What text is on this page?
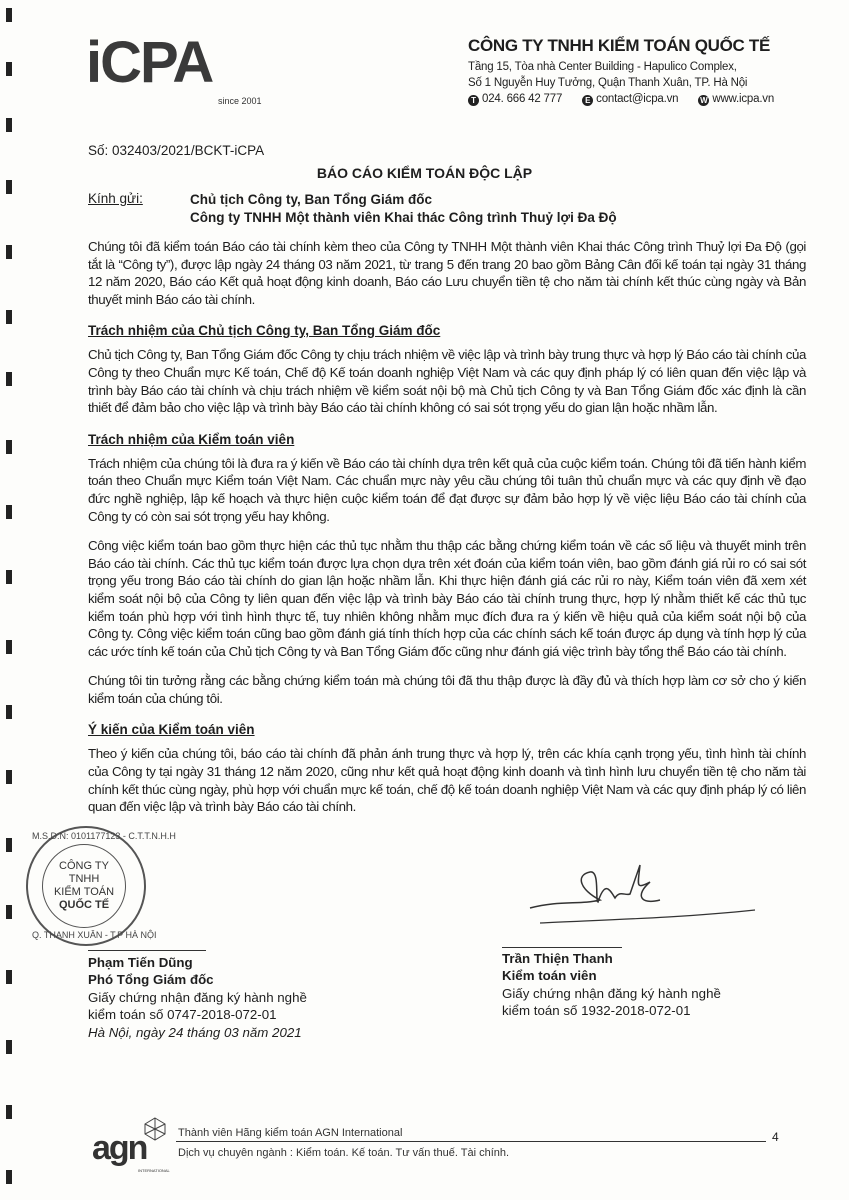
iCPA
since 2001
CÔNG TY TNHH KIỂM TOÁN QUỐC TẾ
Tầng 15, Tòa nhà Center Building - Hapulico Complex,
Số 1 Nguyễn Huy Tưởng, Quận Thanh Xuân, TP. Hà Nội
T 024. 666 42 777	E contact@icpa.vn	W www.icpa.vn
Số: 032403/2021/BCKT-iCPA
BÁO CÁO KIỂM TOÁN ĐỘC LẬP
Kính gửi:	Chủ tịch Công ty, Ban Tổng Giám đốc
Công ty TNHH Một thành viên Khai thác Công trình Thuỷ lợi Đa Độ

Chúng tôi đã kiểm toán Báo cáo tài chính kèm theo của Công ty TNHH Một thành viên Khai thác Công trình Thuỷ lợi Đa Độ (gọi tắt là “Công ty”), được lập ngày 24 tháng 03 năm 2021, từ trang 5 đến trang 20 bao gồm Bảng Cân đối kế toán tại ngày 31 tháng 12 năm 2020, Báo cáo Kết quả hoạt động kinh doanh, Báo cáo Lưu chuyển tiền tệ cho năm tài chính kết thúc cùng ngày và Bản thuyết minh Báo cáo tài chính.

Trách nhiệm của Chủ tịch Công ty, Ban Tổng Giám đốc

Chủ tịch Công ty, Ban Tổng Giám đốc Công ty chịu trách nhiệm về việc lập và trình bày trung thực và hợp lý Báo cáo tài chính của Công ty theo Chuẩn mực Kế toán, Chế độ Kế toán doanh nghiệp Việt Nam và các quy định pháp lý có liên quan đến việc lập và trình bày Báo cáo tài chính và chịu trách nhiệm về kiểm soát nội bộ mà Chủ tịch Công ty và Ban Tổng Giám đốc xác định là cần thiết để đảm bảo cho việc lập và trình bày Báo cáo tài chính không có sai sót trọng yếu do gian lận hoặc nhầm lẫn.

Trách nhiệm của Kiểm toán viên

Trách nhiệm của chúng tôi là đưa ra ý kiến về Báo cáo tài chính dựa trên kết quả của cuộc kiểm toán. Chúng tôi đã tiến hành kiểm toán theo Chuẩn mực Kiểm toán Việt Nam. Các chuẩn mực này yêu cầu chúng tôi tuân thủ chuẩn mực và các quy định về đạo đức nghề nghiệp, lập kế hoạch và thực hiện cuộc kiểm toán để đạt được sự đảm bảo hợp lý về việc liệu Báo cáo tài chính của Công ty có còn sai sót trọng yếu hay không.

Công việc kiểm toán bao gồm thực hiện các thủ tục nhằm thu thập các bằng chứng kiểm toán về các số liệu và thuyết minh trên Báo cáo tài chính. Các thủ tục kiểm toán được lựa chọn dựa trên xét đoán của kiểm toán viên, bao gồm đánh giá rủi ro có sai sót trọng yếu trong Báo cáo tài chính do gian lận hoặc nhầm lẫn. Khi thực hiện đánh giá các rủi ro này, Kiểm toán viên đã xem xét kiểm soát nội bộ của Công ty liên quan đến việc lập và trình bày Báo cáo tài chính trung thực, hợp lý nhằm thiết kế các thủ tục kiểm toán phù hợp với tình hình thực tế, tuy nhiên không nhằm mục đích đưa ra ý kiến về hiệu quả của kiểm soát nội bộ của Công ty. Công việc kiểm toán cũng bao gồm đánh giá tính thích hợp của các chính sách kế toán được áp dụng và tính hợp lý của các ước tính kế toán của Chủ tịch Công ty và Ban Tổng Giám đốc cũng như đánh giá việc trình bày tổng thể Báo cáo tài chính.

Chúng tôi tin tưởng rằng các bằng chứng kiểm toán mà chúng tôi đã thu thập được là đầy đủ và thích hợp làm cơ sở cho ý kiến kiểm toán của chúng tôi.

Ý kiến của Kiểm toán viên

Theo ý kiến của chúng tôi, báo cáo tài chính đã phản ánh trung thực và hợp lý, trên các khía cạnh trọng yếu, tình hình tài chính của Công ty tại ngày 31 tháng 12 năm 2020, cũng như kết quả hoạt động kinh doanh và tình hình lưu chuyển tiền tệ cho năm tài chính kết thúc cùng ngày, phù hợp với chuẩn mực kế toán, chế độ kế toán doanh nghiệp Việt Nam và các quy định pháp lý có liên quan đến việc lập và trình bày Báo cáo tài chính.

M.S.D.N: 0101177123 - C.T.T.N.H.H
CÔNG TY
TNHH
KIỂM TOÁN
QUỐC TẾ
Q. THANH XUÂN - T.P HÀ NỘI
Phạm Tiến Dũng
Phó Tổng Giám đốc
Giấy chứng nhận đăng ký hành nghề
kiểm toán số 0747-2018-072-01
Hà Nội, ngày 24 tháng 03 năm 2021
Trần Thiện Thanh
Kiểm toán viên
Giấy chứng nhận đăng ký hành nghề
kiểm toán số 1932-2018-072-01
agn
INTERNATIONAL
Thành viên Hãng kiểm toán AGN International
Dịch vụ chuyên ngành : Kiểm toán. Kế toán. Tư vấn thuế. Tài chính.
4
